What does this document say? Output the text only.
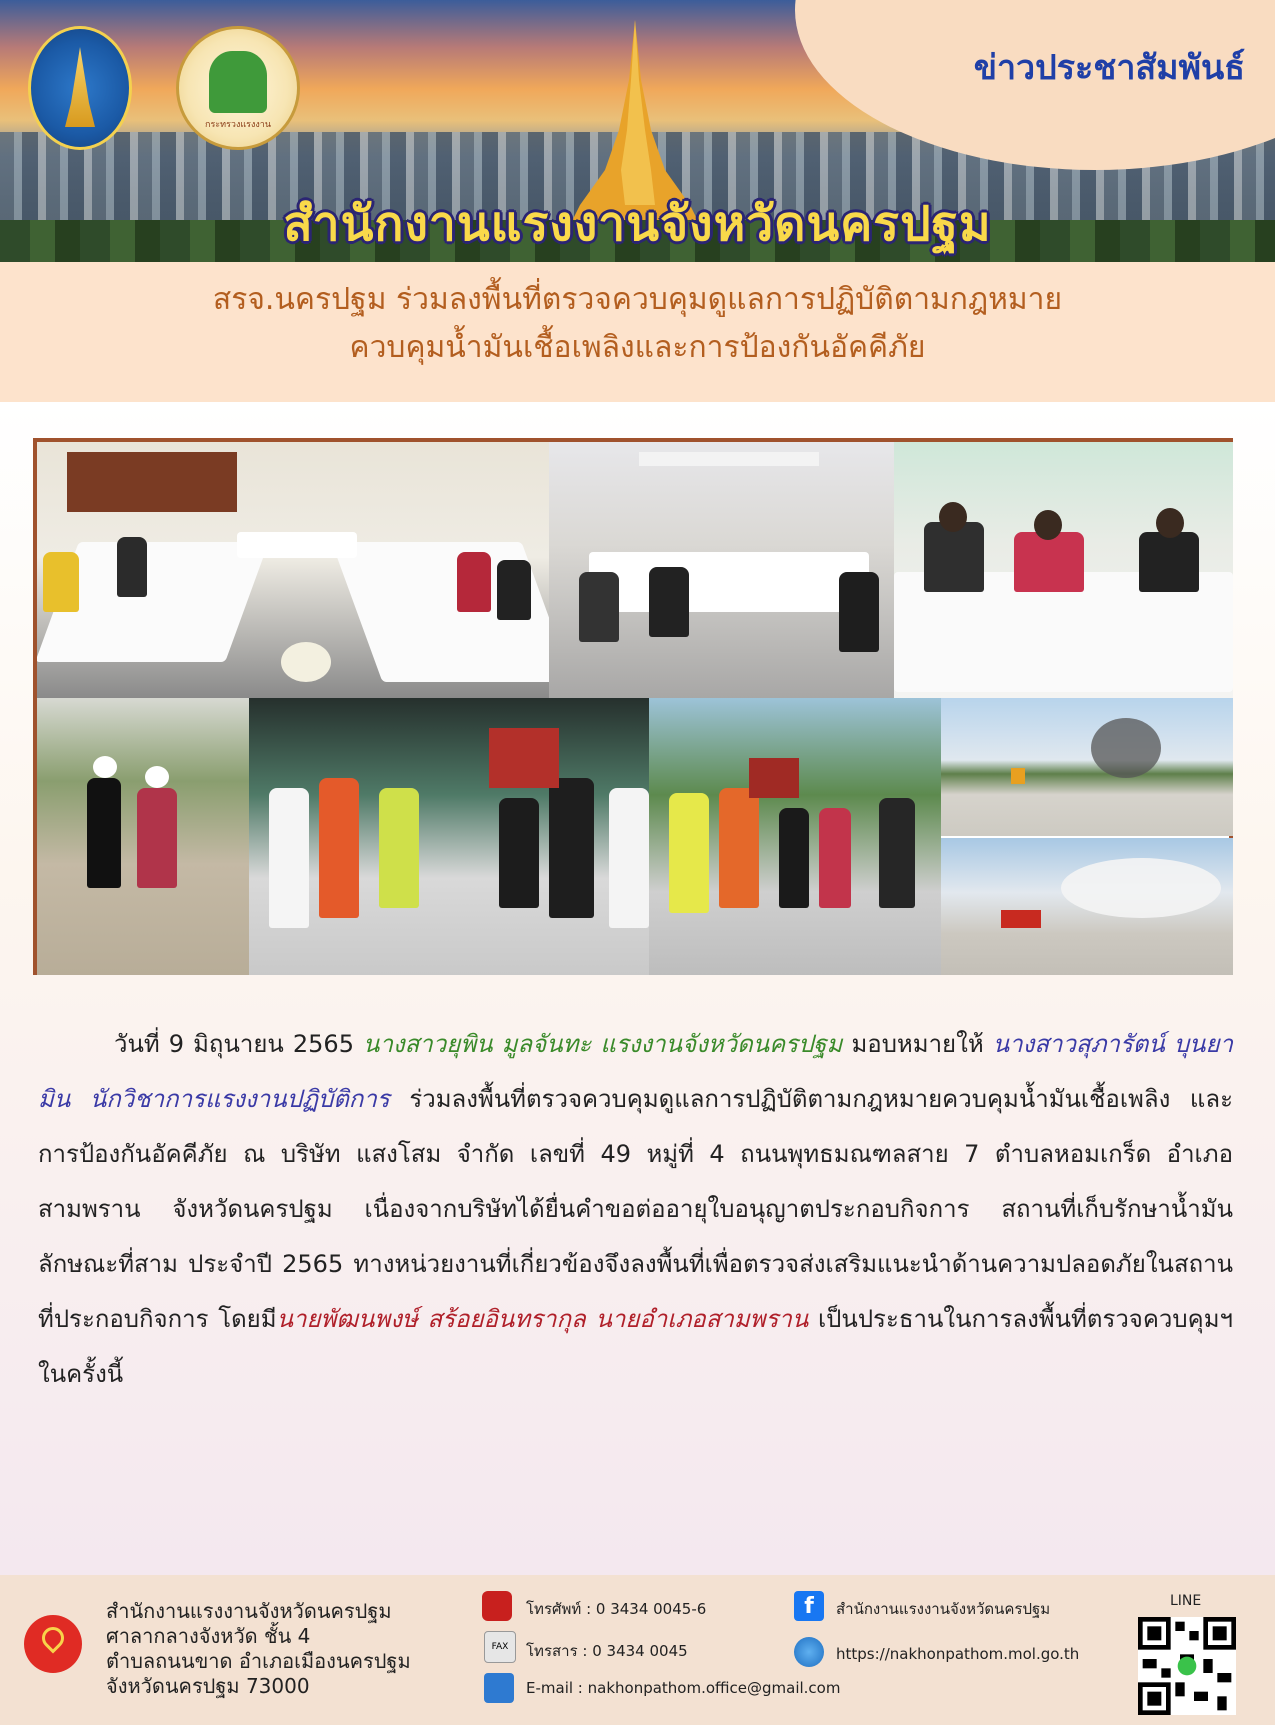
กระทรวงแรงงาน
ข่าวประชาสัมพันธ์
สำนักงานแรงงานจังหวัดนครปฐม
สรจ.นครปฐม ร่วมลงพื้นที่ตรวจควบคุมดูแลการปฏิบัติตามกฎหมาย
ควบคุมน้ำมันเชื้อเพลิงและการป้องกันอัคคีภัย

วันที่ 9 มิถุนายน 2565 นางสาวยุพิน มูลจันทะ แรงงานจังหวัดนครปฐม มอบหมายให้ นางสาวสุภารัตน์ บุนยามิน นักวิชาการแรงงานปฏิบัติการ ร่วมลงพื้นที่ตรวจควบคุมดูแลการปฏิบัติตามกฎหมายควบคุมน้ำมันเชื้อเพลิง และการป้องกันอัคคีภัย ณ บริษัท แสงโสม จำกัด เลขที่ 49 หมู่ที่ 4 ถนนพุทธมณฑลสาย 7 ตำบลหอมเกร็ด อำเภอสามพราน จังหวัดนครปฐม เนื่องจากบริษัทได้ยื่นคำขอต่ออายุใบอนุญาตประกอบกิจการ สถานที่เก็บรักษาน้ำมัน ลักษณะที่สาม ประจำปี 2565 ทางหน่วยงานที่เกี่ยวข้องจึงลงพื้นที่เพื่อตรวจส่งเสริมแนะนำด้านความปลอดภัยในสถานที่ประกอบกิจการ โดยมีนายพัฒนพงษ์ สร้อยอินทรากุล นายอำเภอสามพราน เป็นประธานในการลงพื้นที่ตรวจควบคุมฯ ในครั้งนี้

สำนักงานแรงงานจังหวัดนครปฐม
ศาลากลางจังหวัด ชั้น 4
ตำบลถนนขาด อำเภอเมืองนครปฐม
จังหวัดนครปฐม 73000
โทรศัพท์ : 0 3434 0045-6
FAX	โทรสาร : 0 3434 0045
E-mail : nakhonpathom.office@gmail.com
f	สำนักงานแรงงานจังหวัดนครปฐม
https://nakhonpathom.mol.go.th
LINE
